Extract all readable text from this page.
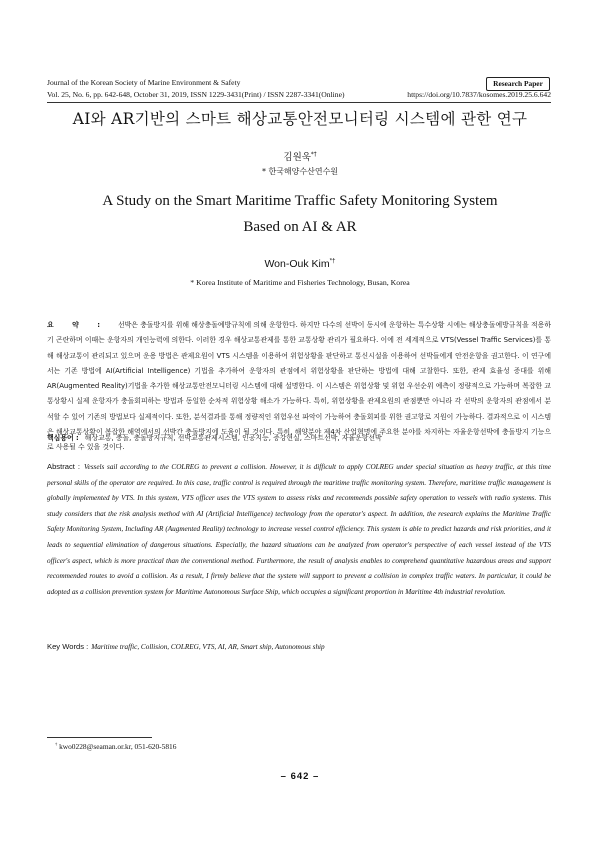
Journal of the Korean Society of Marine Environment & Safety
Vol. 25, No. 6, pp. 642-648, October 31, 2019, ISSN 1229-3431(Print) / ISSN 2287-3341(Online)	https://doi.org/10.7837/kosomes.2019.25.6.642
Research Paper
AI와 AR기반의 스마트 해상교통안전모니터링 시스템에 관한 연구
김원욱*†
* 한국해양수산연수원
A Study on the Smart Maritime Traffic Safety Monitoring System
Based on AI & AR
Won-Ouk Kim*†
* Korea Institute of Maritime and Fisheries Technology, Busan, Korea
요 약 : 선박은 충돌방지를 위해 해상충돌예방규칙에 의해 운항한다. 하지만 다수의 선박이 동시에 운항하는 특수상황 시에는 해상충돌예방규칙을 적용하기 곤란하며 이때는 운항자의 개인능력에 의한다. 이러한 경우 해상교통관제를 통한 교통상황 관리가 필요하다. 이에 전 세계적으로 VTS(Vessel Traffic Services)를 통해 해상교통이 관리되고 있으며 운용 방법은 관제요원이 VTS 시스템을 이용하여 위험상황을 판단하고 통신시설을 이용하여 선박들에게 안전운항을 권고한다. 이 연구에서는 기존 방법에 AI(Artificial Intelligence) 기법을 추가하여 운항자의 관점에서 위험상황을 판단하는 방법에 대해 고찰한다. 또한, 관제 효율성 증대를 위해 AR(Augmented Reality)기법을 추가한 해상교통안전모니터링 시스템에 대해 설명한다. 이 시스템은 위험상황 및 위험 우선순위 예측이 정량적으로 가능하며 복잡한 교통상황시 실제 운항자가 충돌회피하는 방법과 동일한 순차적 위험상황 해소가 가능하다. 특히, 위험상황을 관제요원의 관점뿐만 아니라 각 선박의 운항자의 관점에서 분석할 수 있어 기존의 방법보다 실제적이다. 또한, 분석결과를 통해 정량적인 위험우선 파악이 가능하여 충돌회피를 위한 권고항로 지원이 가능하다. 결과적으로 이 시스템은 해상교통상황이 복잡한 해역에서의 선박간 충돌방지에 도움이 될 것이다. 특히, 해양분야 제4차 산업혁명에 주요한 분야를 차지하는 자율운항선박에 충돌방지 기능으로 사용될 수 있을 것이다.
핵심용어 : 해상교통, 충돌, 충돌방지규칙, 선박교통관제시스템, 인공지능, 증강현실, 스마트선박, 자율운항선박
Abstract : Vessels sail according to the COLREG to prevent a collision. However, it is difficult to apply COLREG under special situation as heavy traffic, at this time personal skills of the operator are required. In this case, traffic control is required through the maritime traffic monitoring system. Therefore, maritime traffic management is globally implemented by VTS. In this system, VTS officer uses the VTS system to assess risks and recommends possible safety operation to vessels with radio systems. This study considers that the risk analysis method with AI (Artificial Intelligence) technology from the operator's aspect. In addition, the research explains the Maritime Traffic Safety Monitoring System, Including AR (Augmented Reality) technology to increase vessel control efficiency. This system is able to predict hazards and risk priorities, and it leads to sequential elimination of dangerous situations. Especially, the hazard situations can be analyzed from operator's perspective of each vessel instead of the VTS officer's aspect, which is more practical than the conventional method. Furthermore, the result of analysis enables to comprehend quantitative hazardous areas and support recommended routes to avoid a collision. As a result, I firmly believe that the system will support to prevent a collision in complex traffic waters. In particular, it could be adopted as a collision prevention system for Maritime Autonomous Surface Ship, which occupies a significant proportion in Maritime 4th industrial revolution.
Key Words : Maritime traffic, Collision, COLREG, VTS, AI, AR, Smart ship, Autonomous ship
† kwo0228@seaman.or.kr, 051-620-5816
– 642 –
